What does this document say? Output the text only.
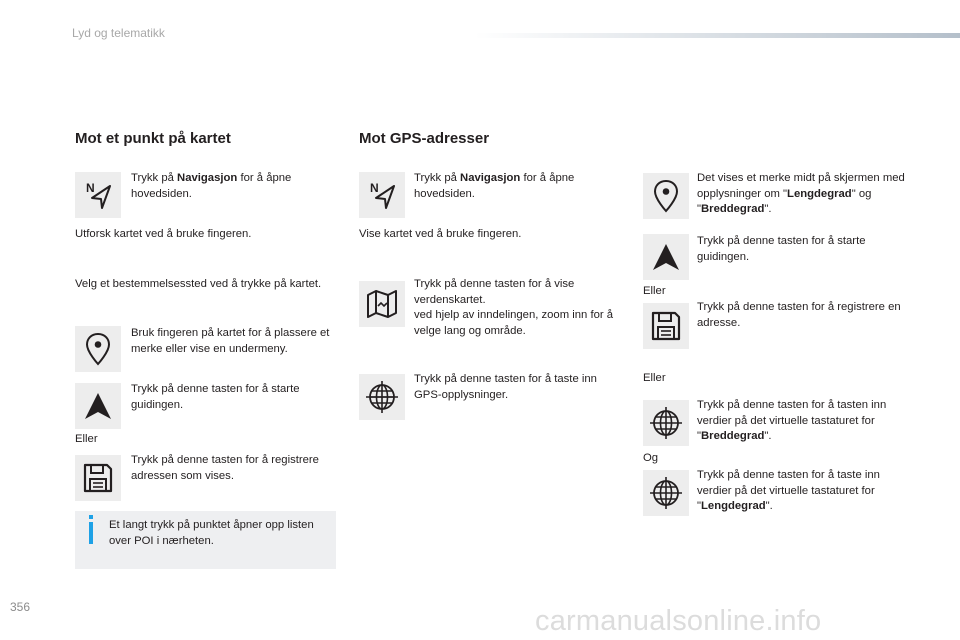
Lyd og telematikk
356	carmanualsonline.info
Mot et punkt på kartet
N
Trykk på Navigasjon for å åpne hovedsiden.
Utforsk kartet ved å bruke fingeren.
Velg et bestemmelsessted ved å trykke på kartet.
Bruk fingeren på kartet for å plassere et merke eller vise en undermeny.
Trykk på denne tasten for å starte guidingen.
Eller
Trykk på denne tasten for å registrere adressen som vises.
Et langt trykk på punktet åpner opp listen over POI i nærheten.
Mot GPS-adresser
N
Trykk på Navigasjon for å åpne hovedsiden.
Vise kartet ved å bruke fingeren.
Trykk på denne tasten for å vise verdenskartet.
ved hjelp av inndelingen, zoom inn for å velge lang og område.
Trykk på denne tasten for å taste inn GPS-opplysninger.
Det vises et merke midt på skjermen med opplysninger om "Lengdegrad" og "Breddegrad".
Trykk på denne tasten for å starte guidingen.
Eller
Trykk på denne tasten for å registrere en adresse.
Eller
Trykk på denne tasten for å tasten inn verdier på det virtuelle tastaturet for "Breddegrad".
Og
Trykk på denne tasten for å taste inn verdier på det virtuelle tastaturet for "Lengdegrad".
